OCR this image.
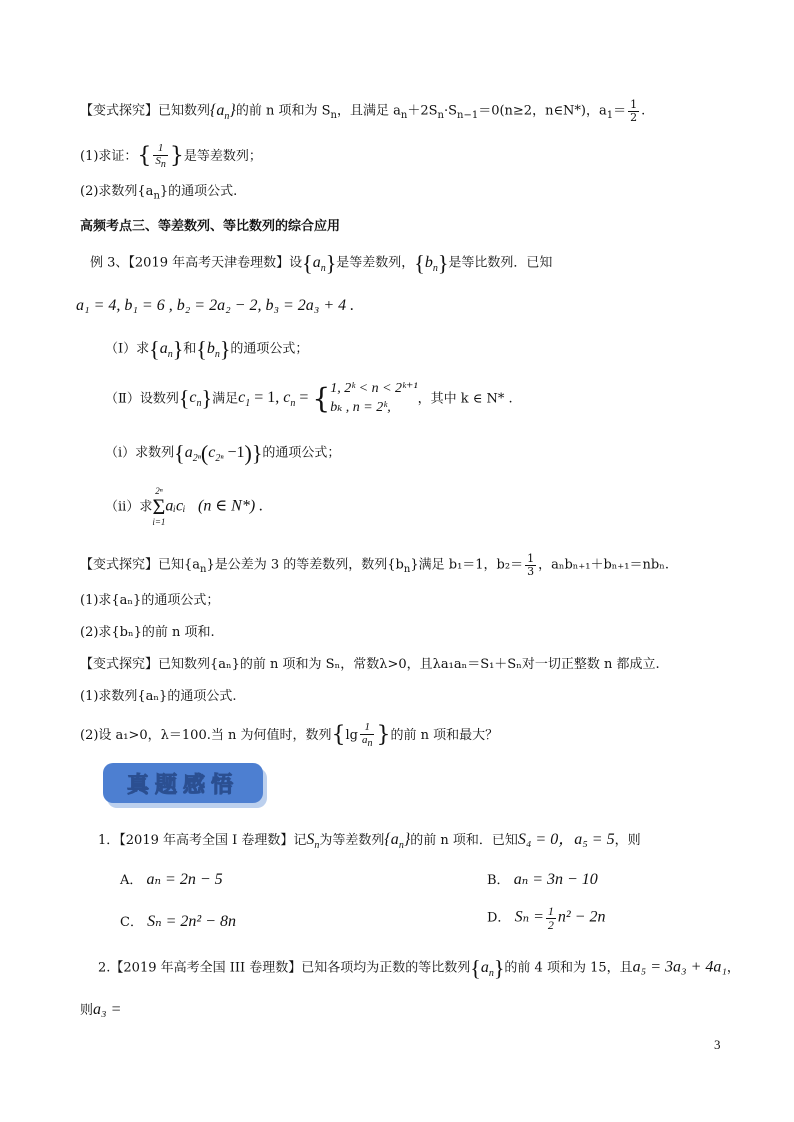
【变式探究】已知数列$\{a_n\}$的前 n 项和为 $S_n$，且满足 $a_n+2S_n\cdot S_{n-1}=0(n\ge 2$，n∈N*)，$a_1= \frac{1}{2}$ .
(1)求证：{ $\frac{1}{Sn}$ }是等差数列；
(2)求数列$\{a_n\}$的通项公式.
高频考点三、等差数列、等比数列的综合应用
例 3、【2019 年高考天津卷理数】设$\{a_n\}$是等差数列，$\{b_n\}$是等比数列．已知
a₁ = 4, b₁ = 6 , b₂ = 2a₂ − 2, b₃ = 2a₃ + 4 .
（Ⅰ）求$\{a_n\}$和$\{b_n\}$的通项公式；
（Ⅱ）设数列$\{c_n\}$满足$c_1 = 1$, $c_n$ = { 1, 2ᵏ < n < 2ᵏ⁺¹
bₖ , n = 2ᵏ,
，其中 k ∈ N* .
（i）求数列$\{a_{2^n}(c_{2^n} -1)\}$的通项公式；
（ii）求
2ⁿ
Σ
i=1
aᵢcᵢ (n ∈ N*) .
【变式探究】已知$\{a_n\}$是公差为 3 的等差数列，数列$\{b_n\}$满足 b₁＝1，$b_2= \frac{1}{3}$ ，aₙbₙ₊₁＋bₙ₊₁＝nbₙ.
(1)求{aₙ}的通项公式；
(2)求{bₙ}的前 n 项和.
【变式探究】已知数列{aₙ}的前 n 项和为 Sₙ，常数λ>0，且λa₁aₙ＝S₁＋Sₙ对一切正整数 n 都成立.
(1)求数列{aₙ}的通项公式.
(2)设 a₁>0，λ＝100.当 n 为何值时，数列{$\lg \frac{1}{an}$ }的前 n 项和最大？
真题感悟
1．【2019 年高考全国 I 卷理数】记$S_n$为等差数列$\{a_n\}$的前 n 项和．已知S₄ = 0，a₅ = 5，则
A． aₙ = 2n − 5	B． aₙ = 3n − 10
C． Sₙ = 2n² − 8n	D． $S_n = \frac{1}{2} n^2 - 2n$
2.【2019 年高考全国 III 卷理数】已知各项均为正数的等比数列$\{a_n\}$的前 4 项和为 15，且a₅ = 3a₃ + 4a₁，
则a₃ =
3
